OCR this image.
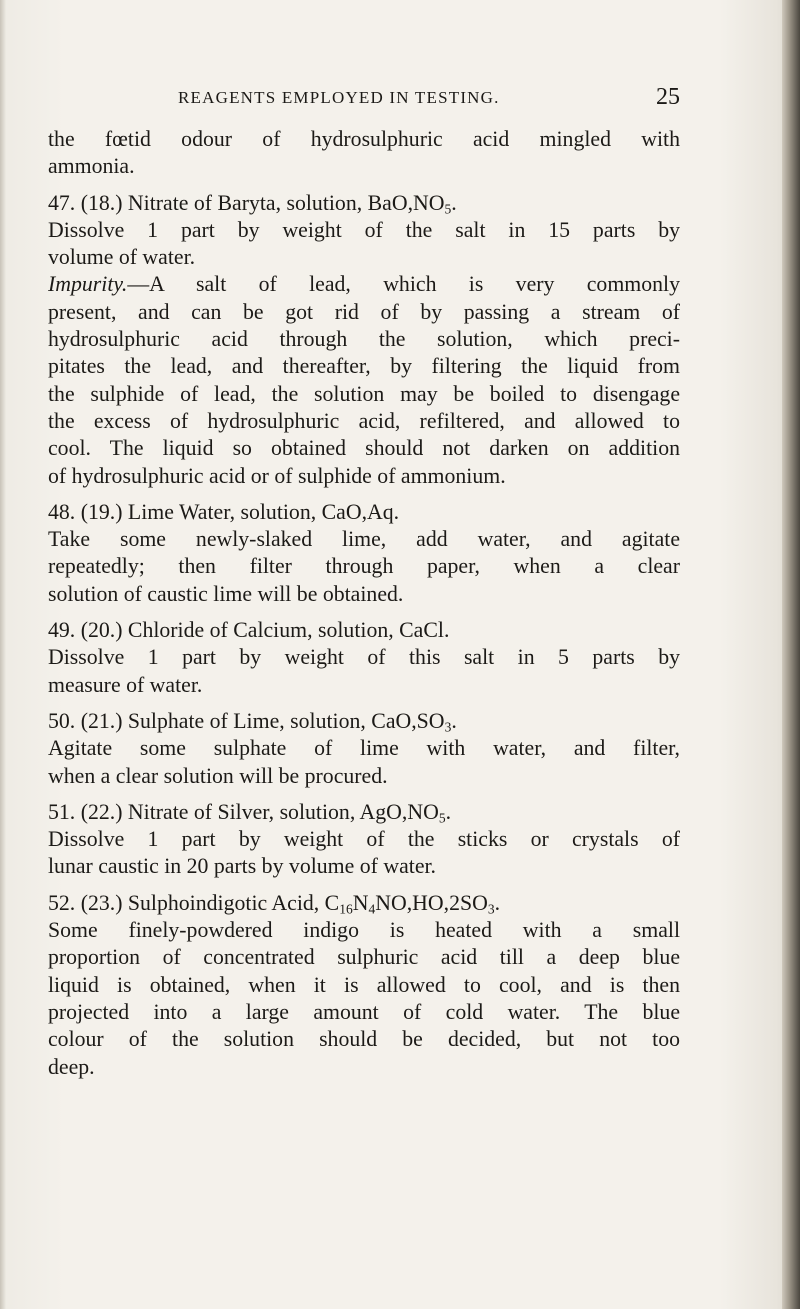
REAGENTS EMPLOYED IN TESTING.	25
the fœtid odour of hydrosulphuric acid mingled with
ammonia.
47. (18.) Nitrate of Baryta, solution, $BaO,NO_5$.
Dissolve 1 part by weight of the salt in 15 parts by
volume of water.
Impurity.—A salt of lead, which is very commonly
present, and can be got rid of by passing a stream of
hydrosulphuric acid through the solution, which preci-
pitates the lead, and thereafter, by filtering the liquid from
the sulphide of lead, the solution may be boiled to disengage
the excess of hydrosulphuric acid, refiltered, and allowed to
cool. The liquid so obtained should not darken on addition
of hydrosulphuric acid or of sulphide of ammonium.
48. (19.) Lime Water, solution, CaO,Aq.
Take some newly-slaked lime, add water, and agitate
repeatedly; then filter through paper, when a clear
solution of caustic lime will be obtained.
49. (20.) Chloride of Calcium, solution, CaCl.
Dissolve 1 part by weight of this salt in 5 parts by
measure of water.
50. (21.) Sulphate of Lime, solution, $CaO,SO_3$.
Agitate some sulphate of lime with water, and filter,
when a clear solution will be procured.
51. (22.) Nitrate of Silver, solution, $AgO,NO_5$.
Dissolve 1 part by weight of the sticks or crystals of
lunar caustic in 20 parts by volume of water.
52. (23.) Sulphoindigotic Acid, $C_{16}N_4NO,HO,2SO_3$.
Some finely-powdered indigo is heated with a small
proportion of concentrated sulphuric acid till a deep blue
liquid is obtained, when it is allowed to cool, and is then
projected into a large amount of cold water. The blue
colour of the solution should be decided, but not too
deep.
